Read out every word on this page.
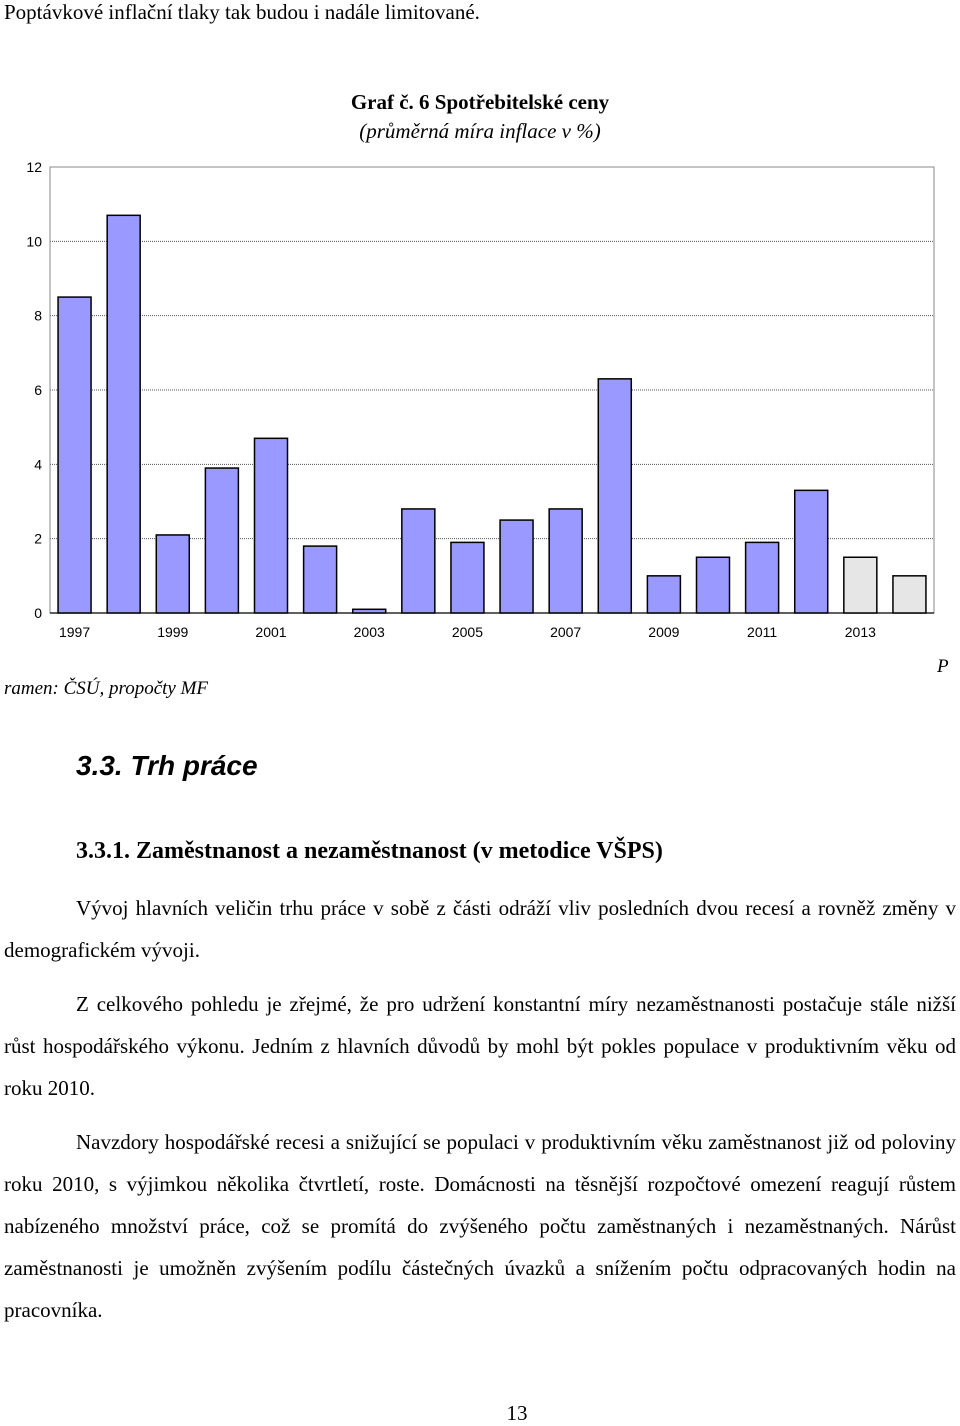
Poptávkové inflační tlaky tak budou i nadále limitované.
Graf č. 6 Spotřebitelské ceny
(průměrná míra inflace v %)
0
2
4
6
8
10
12
1997	1999	2001	2003	2005	2007	2009	2011	2013
ramen: ČSÚ, propočty MF
P
3.3. Trh práce
3.3.1. Zaměstnanost a nezaměstnanost (v metodice VŠPS)

Vývoj hlavních veličin trhu práce v sobě z části odráží vliv posledních dvou recesí a rovněž změny v demografickém vývoji.

Z celkového pohledu je zřejmé, že pro udržení konstantní míry nezaměstnanosti postačuje stále nižší růst hospodářského výkonu. Jedním z hlavních důvodů by mohl být pokles populace v produktivním věku od roku 2010.

Navzdory hospodářské recesi a snižující se populaci v produktivním věku zaměstnanost již od poloviny roku 2010, s výjimkou několika čtvrtletí, roste. Domácnosti na těsnější rozpočtové omezení reagují růstem nabízeného množství práce, což se promítá do zvýšeného počtu zaměstnaných i nezaměstnaných. Nárůst zaměstnanosti je umožněn zvýšením podílu částečných úvazků a snížením počtu odpracovaných hodin na pracovníka.

13
